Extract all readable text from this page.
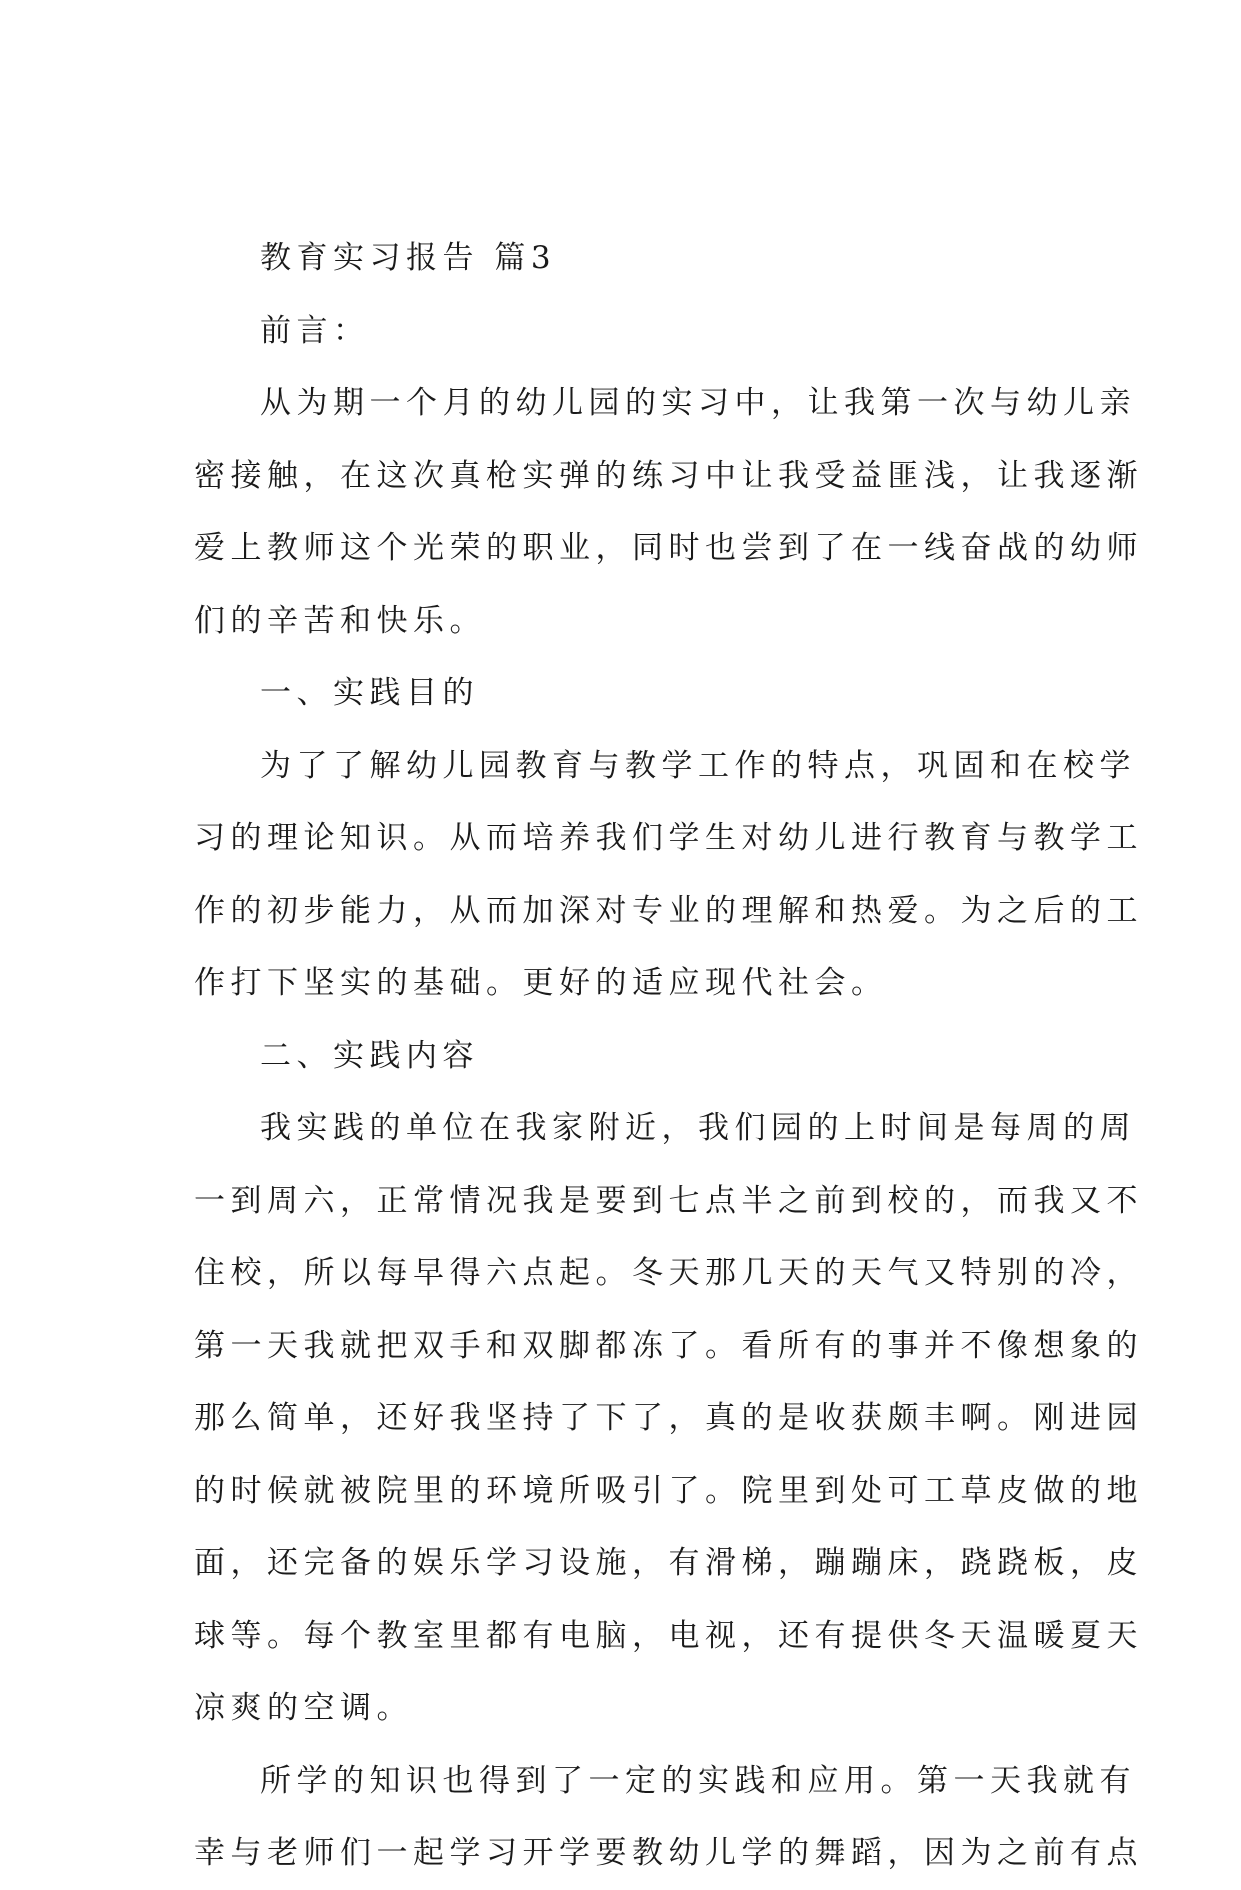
教育实习报告 篇3
前言：
从为期一个月的幼儿园的实习中，让我第一次与幼儿亲
密接触，在这次真枪实弹的练习中让我受益匪浅，让我逐渐
爱上教师这个光荣的职业，同时也尝到了在一线奋战的幼师
们的辛苦和快乐。
一、实践目的
为了了解幼儿园教育与教学工作的特点，巩固和在校学
习的理论知识。从而培养我们学生对幼儿进行教育与教学工
作的初步能力，从而加深对专业的理解和热爱。为之后的工
作打下坚实的基础。更好的适应现代社会。
二、实践内容
我实践的单位在我家附近，我们园的上时间是每周的周
一到周六，正常情况我是要到七点半之前到校的，而我又不
住校，所以每早得六点起。冬天那几天的天气又特别的冷，
第一天我就把双手和双脚都冻了。看所有的事并不像想象的
那么简单，还好我坚持了下了，真的是收获颇丰啊。刚进园
的时候就被院里的环境所吸引了。院里到处可工草皮做的地
面，还完备的娱乐学习设施，有滑梯，蹦蹦床，跷跷板，皮
球等。每个教室里都有电脑，电视，还有提供冬天温暖夏天
凉爽的空调。
所学的知识也得到了一定的实践和应用。第一天我就有
幸与老师们一起学习开学要教幼儿学的舞蹈，因为之前有点
